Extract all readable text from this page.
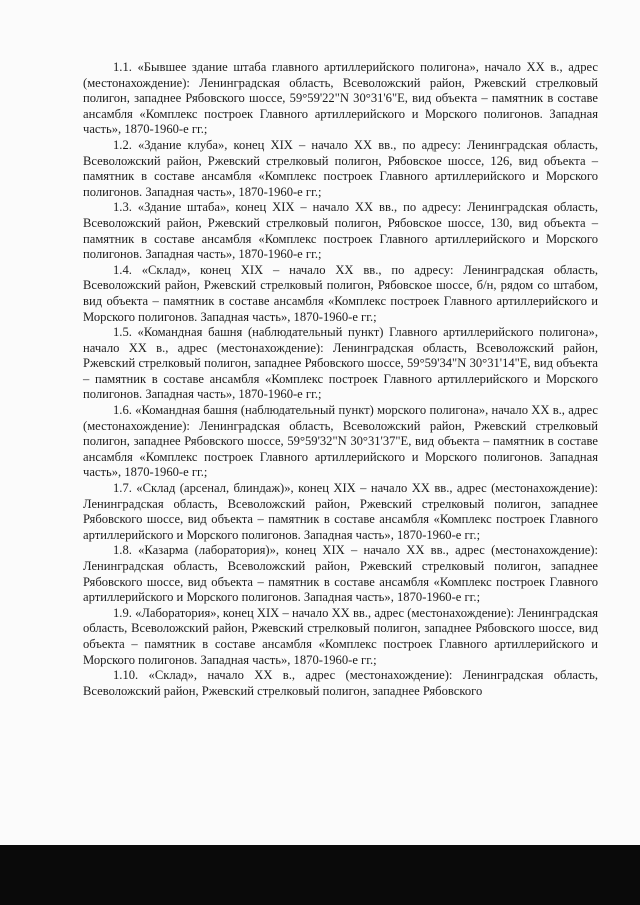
1.1. «Бывшее здание штаба главного артиллерийского полигона», начало XX в., адрес (местонахождение): Ленинградская область, Всеволожский район, Ржевский стрелковый полигон, западнее Рябовского шоссе, 59°59'22"N 30°31'6"E, вид объекта – памятник в составе ансамбля «Комплекс построек Главного артиллерийского и Морского полигонов. Западная часть», 1870-1960-е гг.;

1.2. «Здание клуба», конец XIX – начало XX вв., по адресу: Ленинградская область, Всеволожский район, Ржевский стрелковый полигон, Рябовское шоссе, 126, вид объекта – памятник в составе ансамбля «Комплекс построек Главного артиллерийского и Морского полигонов. Западная часть», 1870-1960-е гг.;

1.3. «Здание штаба», конец XIX – начало XX вв., по адресу: Ленинградская область, Всеволожский район, Ржевский стрелковый полигон, Рябовское шоссе, 130, вид объекта – памятник в составе ансамбля «Комплекс построек Главного артиллерийского и Морского полигонов. Западная часть», 1870-1960-е гг.;

1.4. «Склад», конец XIX – начало XX вв., по адресу: Ленинградская область, Всеволожский район, Ржевский стрелковый полигон, Рябовское шоссе, б/н, рядом со штабом, вид объекта – памятник в составе ансамбля «Комплекс построек Главного артиллерийского и Морского полигонов. Западная часть», 1870-1960-е гг.;

1.5. «Командная башня (наблюдательный пункт) Главного артиллерийского полигона», начало XX в., адрес (местонахождение): Ленинградская область, Всеволожский район, Ржевский стрелковый полигон, западнее Рябовского шоссе, 59°59'34"N 30°31'14"E, вид объекта – памятник в составе ансамбля «Комплекс построек Главного артиллерийского и Морского полигонов. Западная часть», 1870-1960-е гг.;

1.6. «Командная башня (наблюдательный пункт) морского полигона», начало XX в., адрес (местонахождение): Ленинградская область, Всеволожский район, Ржевский стрелковый полигон, западнее Рябовского шоссе, 59°59'32"N 30°31'37"E, вид объекта – памятник в составе ансамбля «Комплекс построек Главного артиллерийского и Морского полигонов. Западная часть», 1870-1960-е гг.;

1.7. «Склад (арсенал, блиндаж)», конец XIX – начало XX вв., адрес (местонахождение): Ленинградская область, Всеволожский район, Ржевский стрелковый полигон, западнее Рябовского шоссе, вид объекта – памятник в составе ансамбля «Комплекс построек Главного артиллерийского и Морского полигонов. Западная часть», 1870-1960-е гг.;

1.8. «Казарма (лаборатория)», конец XIX – начало XX вв., адрес (местонахождение): Ленинградская область, Всеволожский район, Ржевский стрелковый полигон, западнее Рябовского шоссе, вид объекта – памятник в составе ансамбля «Комплекс построек Главного артиллерийского и Морского полигонов. Западная часть», 1870-1960-е гг.;

1.9. «Лаборатория», конец XIX – начало XX вв., адрес (местонахождение): Ленинградская область, Всеволожский район, Ржевский стрелковый полигон, западнее Рябовского шоссе, вид объекта – памятник в составе ансамбля «Комплекс построек Главного артиллерийского и Морского полигонов. Западная часть», 1870-1960-е гг.;

1.10. «Склад», начало XX в., адрес (местонахождение): Ленинградская область, Всеволожский район, Ржевский стрелковый полигон, западнее Рябовского
